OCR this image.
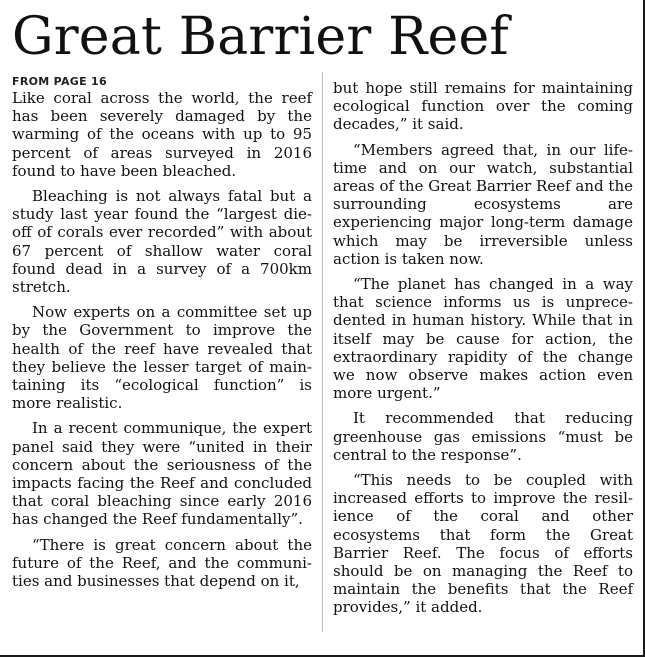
Great Barrier Reef
FROM PAGE 16

Like coral across the world, the reef has been severely damaged by the warming of the oceans with up to 95 percent of areas surveyed in 2016 found to have been bleached.

Bleaching is not always fatal but a study last year found the “largest die-off of corals ever recorded” with about 67 percent of shallow water coral found dead in a survey of a 700km stretch.

Now experts on a committee set up by the Government to improve the health of the reef have revealed that they believe the lesser target of maintaining its “ecological function” is more realistic.

In a recent communique, the expert panel said they were “united in their concern about the seriousness of the impacts facing the Reef and concluded that coral bleaching since early 2016 has changed the Reef fundamentally”.

“There is great concern about the future of the Reef, and the communities and businesses that depend on it,

but hope still remains for maintaining ecological function over the coming decades,” it said.

“Members agreed that, in our lifetime and on our watch, substantial areas of the Great Barrier Reef and the surrounding ecosystems are experiencing major long-term damage which may be irreversible unless action is taken now.

“The planet has changed in a way that science informs us is unprecedented in human history. While that in itself may be cause for action, the extraordinary rapidity of the change we now observe makes action even more urgent.”

It recommended that reducing greenhouse gas emissions “must be central to the response”.

“This needs to be coupled with increased efforts to improve the resilience of the coral and other ecosystems that form the Great Barrier Reef. The focus of efforts should be on managing the Reef to maintain the benefits that the Reef provides,” it added.
